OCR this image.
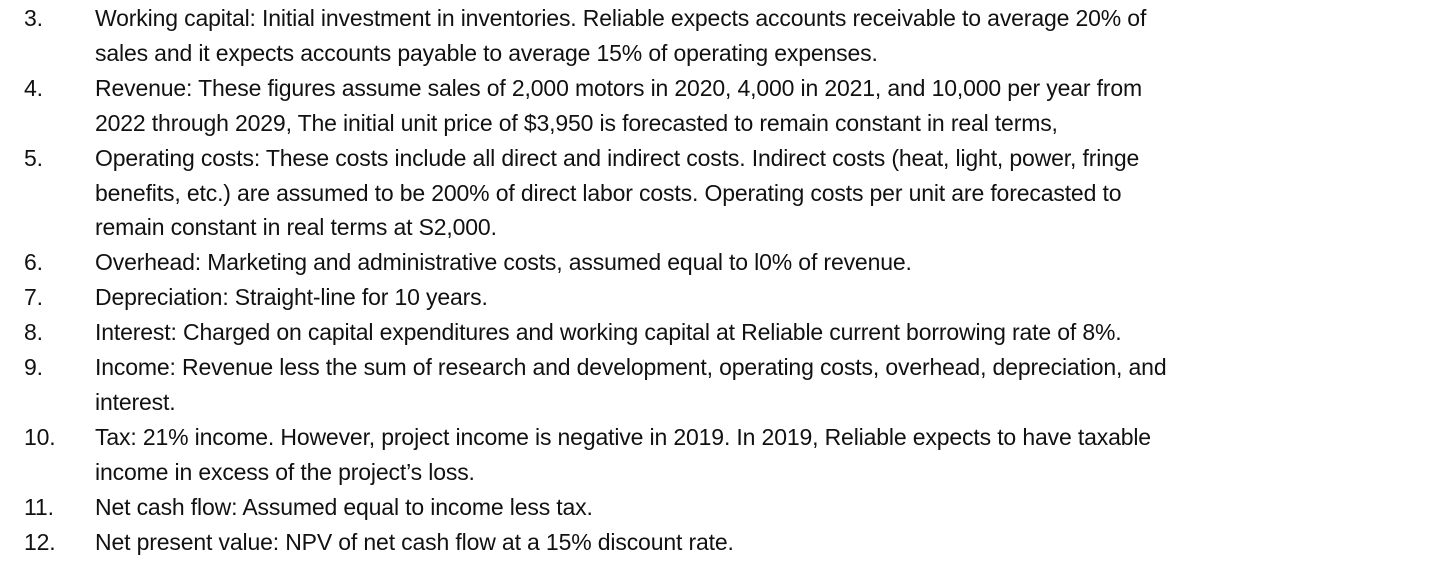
3.	Working capital: Initial investment in inventories. Reliable expects accounts receivable to average 20% of
sales and it expects accounts payable to average 15% of operating expenses.
4.	Revenue: These figures assume sales of 2,000 motors in 2020, 4,000 in 2021, and 10,000 per year from
2022 through 2029, The initial unit price of $3,950 is forecasted to remain constant in real terms,
5.	Operating costs: These costs include all direct and indirect costs. Indirect costs (heat, light, power, fringe
benefits, etc.) are assumed to be 200% of direct labor costs. Operating costs per unit are forecasted to
remain constant in real terms at S2,000.
6.	Overhead: Marketing and administrative costs, assumed equal to l0% of revenue.
7.	Depreciation: Straight-line for 10 years.
8.	Interest: Charged on capital expenditures and working capital at Reliable current borrowing rate of 8%.
9.	Income: Revenue less the sum of research and development, operating costs, overhead, depreciation, and
interest.
10.	Tax: 21% income. However, project income is negative in 2019. In 2019, Reliable expects to have taxable
income in excess of the project’s loss.
11.	Net cash flow: Assumed equal to income less tax.
12.	Net present value: NPV of net cash flow at a 15% discount rate.
